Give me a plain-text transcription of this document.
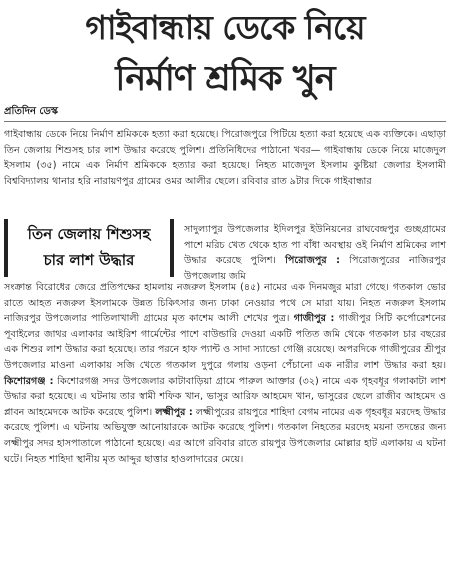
গাইবান্ধায় ডেকে নিয়ে
নির্মাণ শ্রমিক খুন
প্রতিদিন ডেস্ক
গাইবান্ধায় ডেকে নিয়ে নির্মাণ শ্রমিককে হত্যা করা হয়েছে। পিরোজপুরে পিটিয়ে হত্যা করা হয়েছে এক ব্যক্তিকে। এছাড়া তিন জেলায় শিশুসহ চার লাশ উদ্ধার করেছে পুলিশ। প্রতিনিধিদের পাঠানো খবর— গাইবান্ধায় ডেকে নিয়ে মাজেদুল ইসলাম (৩৫) নামে এক নির্মাণ শ্রমিককে হত্যার করা হয়েছে। নিহত মাজেদুল ইসলাম কুষ্টিয়া জেলার ইসলামী বিশ্ববিদ্যালয় থানার হরি নারায়ণপুর গ্রামের ওমর আলীর ছেলে। রবিবার রাত ৯টার দিকে গাইবান্ধার
তিন জেলায় শিশুসহ
চার লাশ উদ্ধার
সাদুল্যাপুর উপজেলার ইদিলপুর ইউনিয়নের রাঘবেন্দ্রপুর গুচ্ছগ্রামের পাশে মরিচ খেত থেকে হাত পা বাঁধা অবস্থায় ওই নির্মাণ শ্রমিকের লাশ উদ্ধার করেছে পুলিশ। পিরোজপুর : পিরোজপুরের নাজিরপুর উপজেলায় জমি
সংক্রান্ত বিরোধের জেরে প্রতিপক্ষের হামলায় নজরুল ইসলাম (৪৫) নামের এক দিনমজুর মারা গেছে। গতকাল ভোর রাতে আহত নজরুল ইসলামকে উন্নত চিকিৎসার জন্য ঢাকা নেওয়ার পথে সে মারা যায়। নিহত নজরুল ইসলাম নাজিরপুর উপজেলার পাতিলাখালী গ্রামের মৃত কাশেম আলী শেখের পুত্র। গাজীপুর : গাজীপুর সিটি কর্পোরেশনের পূবাইলের জাথর এলাকার আইরিশ গার্মেন্টের পাশে বাউন্ডারি দেওয়া একটি পতিত জমি থেকে গতকাল চার বছরের এক শিশুর লাশ উদ্ধার করা হয়েছে। তার পরনে হাফ প্যান্ট ও সাদা স্যান্ডো গেঞ্জি রয়েছে। অপরদিকে গাজীপুরের শ্রীপুর উপজেলার মাওনা এলাকায় সজি খেতে গতকাল দুপুরে গলায় ওড়না পেঁচানো এক নারীর লাশ উদ্ধার করা হয়। কিশোরগঞ্জ : কিশোরগঞ্জ সদর উপজেলার কাটাবাড়িয়া গ্রামে পারুল আক্তার (৩২) নামে এক গৃহবধূর গলাকাটা লাশ উদ্ধার করা হয়েছে। এ ঘটনায় তার স্বামী শফিক খান, ভাসুর আরিফ আহমেদ খান, ভাসুরের ছেলে রাজীব আহমেদ ও প্লাবন আহমেদকে আটক করেছে পুলিশ। লক্ষ্মীপুর : লক্ষ্মীপুরের রায়পুরে শাহিদা বেগম নামের এক গৃহবধূর মরদেহ উদ্ধার করেছে পুলিশ। এ ঘটনায় অভিযুক্ত আনোয়ারকে আটক করেছে পুলিশ। গতকাল নিহতের মরদেহ ময়না তদন্তের জন্য লক্ষ্মীপুর সদর হাসপাতালে পাঠানো হয়েছে। এর আগে রবিবার রাতে রায়পুর উপজেলার মোল্লার হাট এলাকায় এ ঘটনা ঘটে। নিহত শাহিদা স্থানীয় মৃত আব্দুর ছাত্তার হাওলাদারের মেয়ে।
